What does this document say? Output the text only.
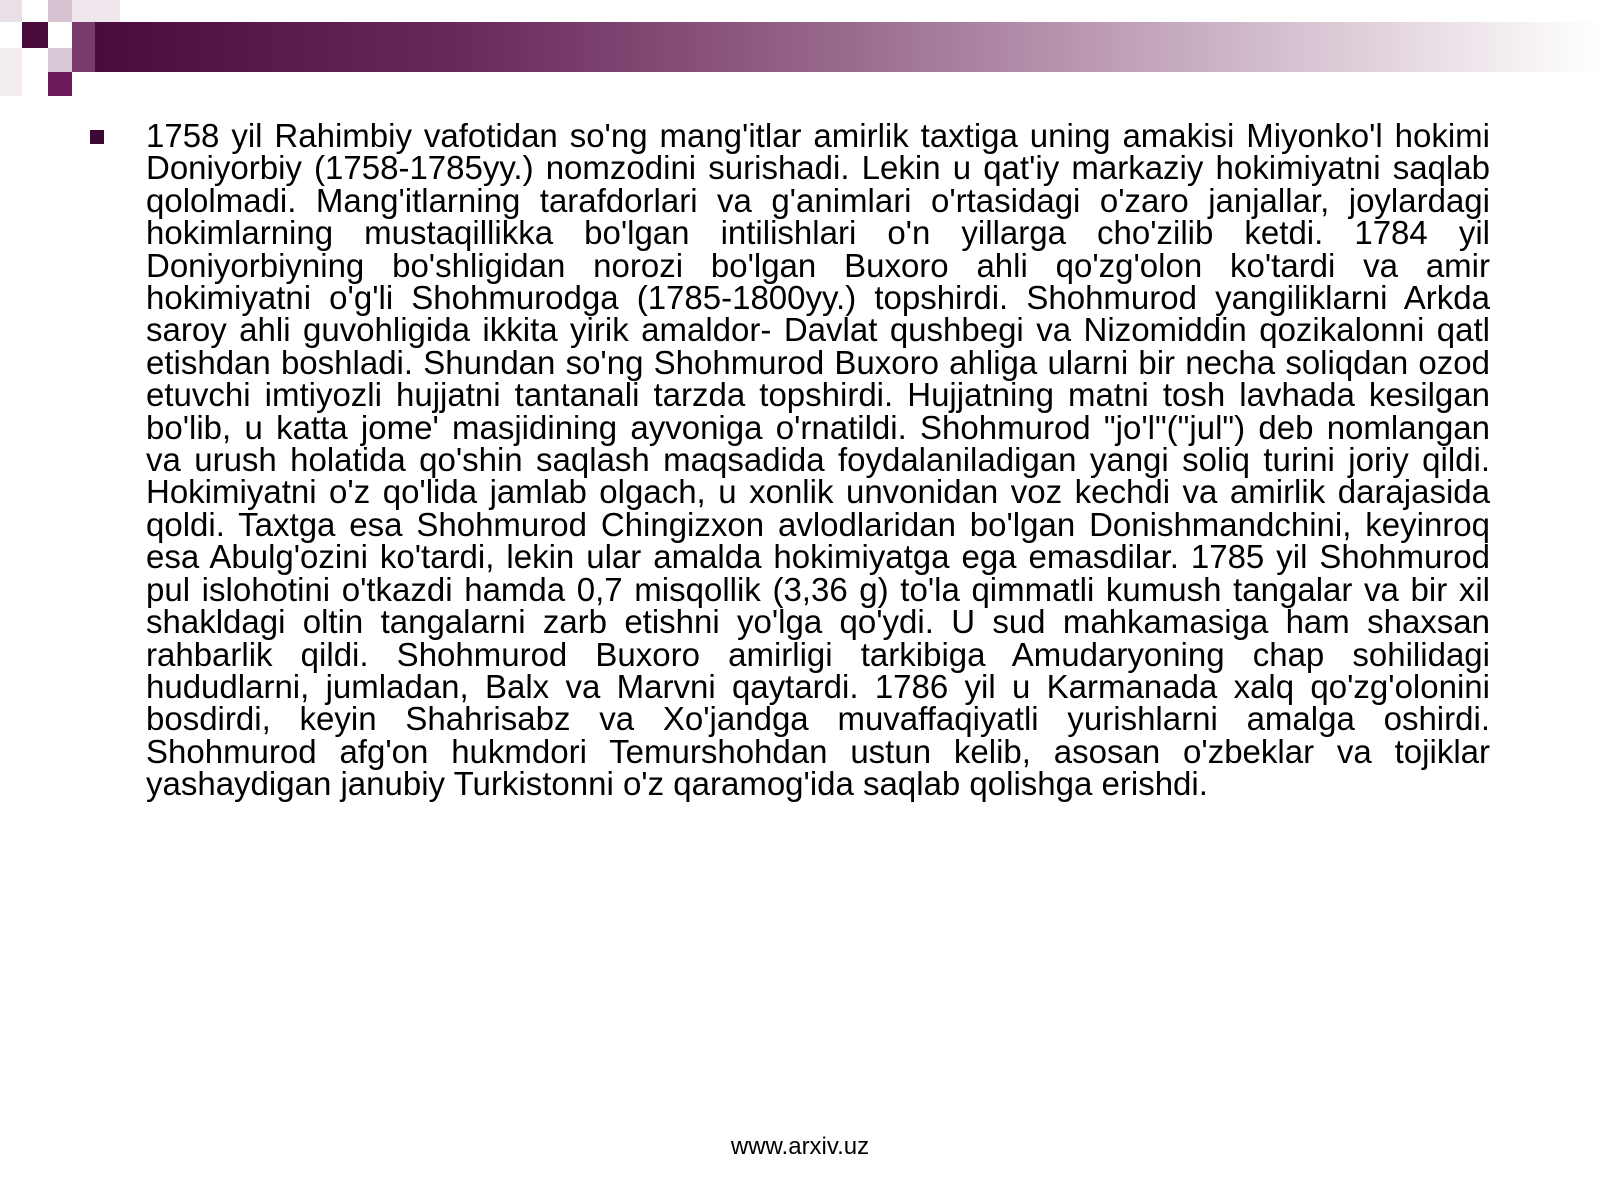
1758 yil Rahimbiy vafotidan so'ng mang'itlar amirlik taxtiga uning amakisi Miyonko'l hokimi Doniyorbiy (1758-1785yy.) nomzodini surishadi. Lekin u qat'iy markaziy hokimiyatni saqlab qololmadi. Mang'itlarning tarafdorlari va g'animlari o'rtasidagi o'zaro janjallar, joylardagi hokimlarning mustaqillikka bo'lgan intilishlari o'n yillarga cho'zilib ketdi. 1784 yil Doniyorbiyning bo'shligidan norozi bo'lgan Buxoro ahli qo'zg'olon ko'tardi va amir hokimiyatni o'g'li Shohmurodga (1785-1800yy.) topshirdi. Shohmurod yangiliklarni Arkda saroy ahli guvohligida ikkita yirik amaldor- Davlat qushbegi va Nizomiddin qozikalonni qatl etishdan boshladi. Shundan so'ng Shohmurod Buxoro ahliga ularni bir necha soliqdan ozod etuvchi imtiyozli hujjatni tantanali tarzda topshirdi. Hujjatning matni tosh lavhada kesilgan bo'lib, u katta jome' masjidining ayvoniga o'rnatildi. Shohmurod "jo'l"("jul") deb nomlangan va urush holatida qo'shin saqlash maqsadida foydalaniladigan yangi soliq turini joriy qildi. Hokimiyatni o'z qo'lida jamlab olgach, u xonlik unvonidan voz kechdi va amirlik darajasida qoldi. Taxtga esa Shohmurod Chingizxon avlodlaridan bo'lgan Donishmandchini, keyinroq esa Abulg'ozini ko'tardi, lekin ular amalda hokimiyatga ega emasdilar. 1785 yil Shohmurod pul islohotini o'tkazdi hamda 0,7 misqollik (3,36 g) to'la qimmatli kumush tangalar va bir xil shakldagi oltin tangalarni zarb etishni yo'lga qo'ydi. U sud mahkamasiga ham shaxsan rahbarlik qildi. Shohmurod Buxoro amirligi tarkibiga Amudaryoning chap sohilidagi hududlarni, jumladan, Balx va Marvni qaytardi. 1786 yil u Karmanada xalq qo'zg'olonini bosdirdi, keyin Shahrisabz va Xo'jandga muvaffaqiyatli yurishlarni amalga oshirdi. Shohmurod afg'on hukmdori Temurshohdan ustun kelib, asosan o'zbeklar va tojiklar yashaydigan janubiy Turkistonni o'z qaramog'ida saqlab qolishga erishdi.
www.arxiv.uz
